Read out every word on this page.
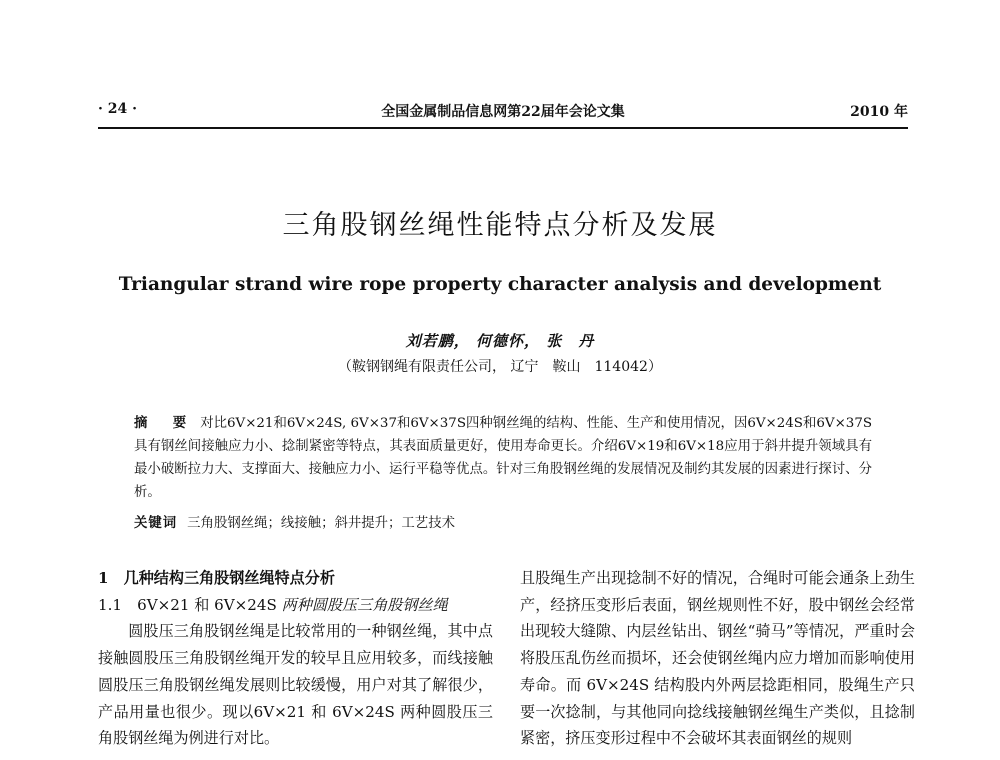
· 24 ·	全国金属制品信息网第22届年会论文集	2010 年
三角股钢丝绳性能特点分析及发展
Triangular strand wire rope property character analysis and development
刘若鹏， 何德怀， 张　丹
（鞍钢钢绳有限责任公司， 辽宁　鞍山　114042）
摘　要 对比6V×21和6V×24S, 6V×37和6V×37S四种钢丝绳的结构、性能、生产和使用情况，因6V×24S和6V×37S具有钢丝间接触应力小、捻制紧密等特点，其表面质量更好，使用寿命更长。介绍6V×19和6V×18应用于斜井提升领域具有最小破断拉力大、支撑面大、接触应力小、运行平稳等优点。针对三角股钢丝绳的发展情况及制约其发展的因素进行探讨、分析。
关键词 三角股钢丝绳；线接触；斜井提升；工艺技术

1　几种结构三角股钢丝绳特点分析

1.1　6V×21 和 6V×24S 两种圆股压三角股钢丝绳

圆股压三角股钢丝绳是比较常用的一种钢丝绳，其中点接触圆股压三角股钢丝绳开发的较早且应用较多，而线接触圆股压三角股钢丝绳发展则比较缓慢，用户对其了解很少，产品用量也很少。现以6V×21 和 6V×24S 两种圆股压三角股钢丝绳为例进行对比。

且股绳生产出现捻制不好的情况，合绳时可能会通条上劲生产，经挤压变形后表面，钢丝规则性不好，股中钢丝会经常出现较大缝隙、内层丝钻出、钢丝“骑马”等情况，严重时会将股压乱伤丝而损坏，还会使钢丝绳内应力增加而影响使用寿命。而 6V×24S 结构股内外两层捻距相同，股绳生产只要一次捻制，与其他同向捻线接触钢丝绳生产类似，且捻制紧密，挤压变形过程中不会破坏其表面钢丝的规则
